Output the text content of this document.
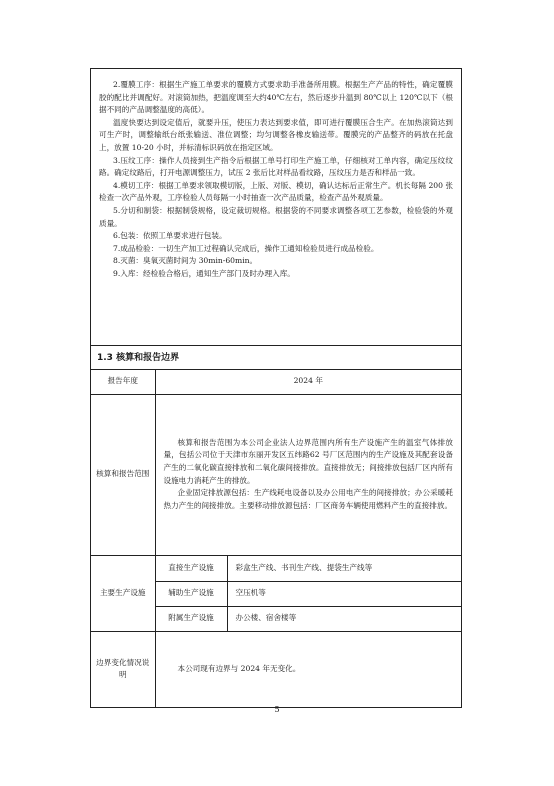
2.覆膜工序：根据生产施工单要求的覆膜方式要求助手准备所用膜。根据生产产品的特性，确定覆膜胶的配比并调配好。对滚筒加热，把温度调至大约40℃左右，然后逐步升温到 80℃以上 120℃以下（根据不同的产品调整温度的高低）。

温度快要达到设定值后，就要升压，使压力表达到要求值，即可进行覆膜压合生产。在加热滚筒达到可生产时，调整输纸台纸张输送、准位调整；均匀调整各橡皮输送带。覆膜完的产品整齐的码放在托盘上，放置 10-20 小时，并标清标识码放在指定区域。

3.压纹工序：操作人员接到生产指令后根据工单号打印生产施工单，仔细核对工单内容，确定压纹纹路。确定纹路后，打开电源调整压力，试压 2 张后比对样品看纹路，压纹压力是否和样品一致。

4.模切工序：根据工单要求领取模切版，上版、对版、模切，确认达标后正常生产。机长每隔 200 张检查一次产品外观，工序检验人员每隔一小时抽查一次产品质量，检查产品外观质量。

5.分切和制袋：根据制袋规格，设定裁切规格。根据袋的不同要求调整各项工艺参数，检验袋的外观质量。

6.包装：依照工单要求进行包装。

7.成品检验：一切生产加工过程确认完成后，操作工通知检验员进行成品检验。

8.灭菌：臭氧灭菌时间为 30min-60min。

9.入库：经检验合格后，通知生产部门及时办理入库。

1.3 核算和报告边界
报告年度	2024 年	
核算和报告范围	核算和报告范围为本公司企业法人边界范围内所有生产设施产生的温室气体排放量，包括公司位于天津市东丽开发区五纬路62 号厂区范围内的生产设施及其配套设备产生的二氧化碳直接排放和二氧化碳间接排放。直接排放无；间接排放包括厂区内所有设施电力消耗产生的排放。

企业固定排放源包括：生产线耗电设备以及办公用电产生的间接排放；办公采暖耗热力产生的间接排放。主要移动排放源包括：厂区商务车辆使用燃料产生的直接排放。	

主要生产设施	直接生产设施	彩盒生产线、书刊生产线、提袋生产线等
	辅助生产设施	空压机等
	附属生产设施	办公楼、宿舍楼等
边界变化情况说明	本公司现有边界与 2024 年无变化。	

5
